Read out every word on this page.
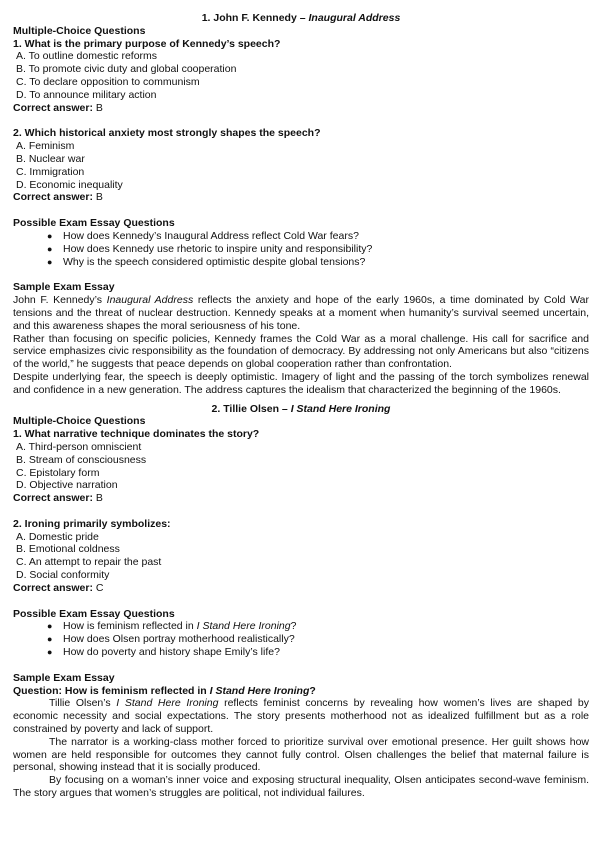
1. John F. Kennedy – Inaugural Address
Multiple-Choice Questions
1. What is the primary purpose of Kennedy’s speech?
A. To outline domestic reforms
B. To promote civic duty and global cooperation
C. To declare opposition to communism
D. To announce military action
Correct answer: B
2. Which historical anxiety most strongly shapes the speech?
A. Feminism
B. Nuclear war
C. Immigration
D. Economic inequality
Correct answer: B
Possible Exam Essay Questions
● How does Kennedy’s Inaugural Address reflect Cold War fears?
● How does Kennedy use rhetoric to inspire unity and responsibility?
● Why is the speech considered optimistic despite global tensions?
Sample Exam Essay

John F. Kennedy’s Inaugural Address reflects the anxiety and hope of the early 1960s, a time dominated by Cold War tensions and the threat of nuclear destruction. Kennedy speaks at a moment when humanity’s survival seemed uncertain, and this awareness shapes the moral seriousness of his tone.

Rather than focusing on specific policies, Kennedy frames the Cold War as a moral challenge. His call for sacrifice and service emphasizes civic responsibility as the foundation of democracy. By addressing not only Americans but also “citizens of the world,” he suggests that peace depends on global cooperation rather than confrontation.

Despite underlying fear, the speech is deeply optimistic. Imagery of light and the passing of the torch symbolizes renewal and confidence in a new generation. The address captures the idealism that characterized the beginning of the 1960s.

2. Tillie Olsen – I Stand Here Ironing
Multiple-Choice Questions
1. What narrative technique dominates the story?
A. Third-person omniscient
B. Stream of consciousness
C. Epistolary form
D. Objective narration
Correct answer: B
2. Ironing primarily symbolizes:
A. Domestic pride
B. Emotional coldness
C. An attempt to repair the past
D. Social conformity
Correct answer: C
Possible Exam Essay Questions
● How is feminism reflected in I Stand Here Ironing?
● How does Olsen portray motherhood realistically?
● How do poverty and history shape Emily’s life?
Sample Exam Essay
Question: How is feminism reflected in I Stand Here Ironing?

Tillie Olsen’s I Stand Here Ironing reflects feminist concerns by revealing how women’s lives are shaped by economic necessity and social expectations. The story presents motherhood not as idealized fulfillment but as a role constrained by poverty and lack of support.

The narrator is a working-class mother forced to prioritize survival over emotional presence. Her guilt shows how women are held responsible for outcomes they cannot fully control. Olsen challenges the belief that maternal failure is personal, showing instead that it is socially produced.

By focusing on a woman’s inner voice and exposing structural inequality, Olsen anticipates second-wave feminism. The story argues that women’s struggles are political, not individual failures.
